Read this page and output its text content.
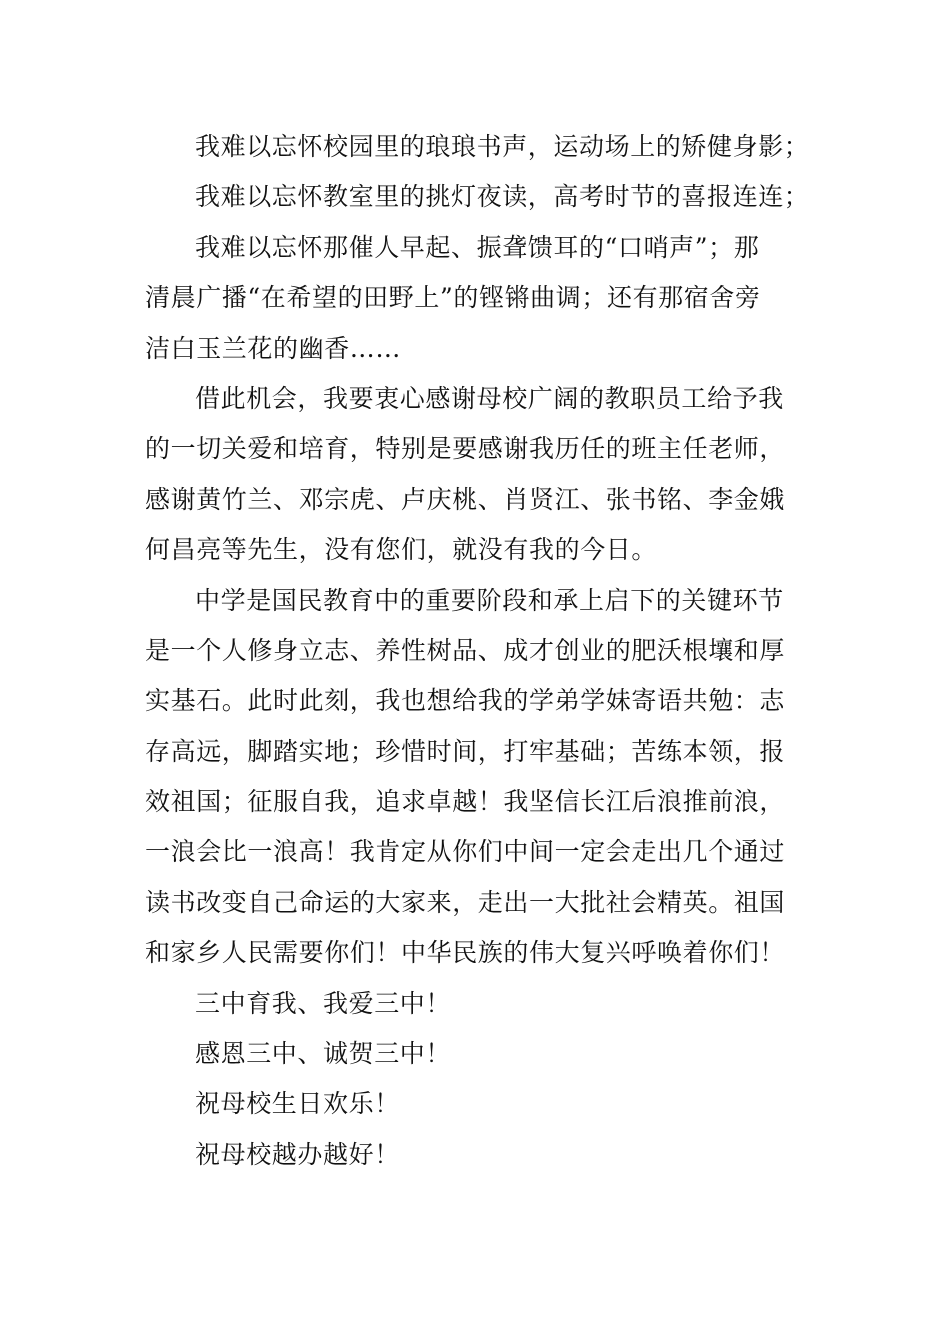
我难以忘怀校园里的琅琅书声，运动场上的矫健身影；
我难以忘怀教室里的挑灯夜读，高考时节的喜报连连；
我难以忘怀那催人早起、振聋馈耳的“口哨声”；那
清晨广播“在希望的田野上”的铿锵曲调；还有那宿舍旁
洁白玉兰花的幽香……
借此机会，我要衷心感谢母校广阔的教职员工给予我
的一切关爱和培育，特别是要感谢我历任的班主任老师，
感谢黄竹兰、邓宗虎、卢庆桃、肖贤江、张书铭、李金娥
何昌亮等先生，没有您们，就没有我的今日。
中学是国民教育中的重要阶段和承上启下的关键环节
是一个人修身立志、养性树品、成才创业的肥沃根壤和厚
实基石。此时此刻，我也想给我的学弟学妹寄语共勉：志
存高远，脚踏实地；珍惜时间，打牢基础；苦练本领，报
效祖国；征服自我，追求卓越！我坚信长江后浪推前浪，
一浪会比一浪高！我肯定从你们中间一定会走出几个通过
读书改变自己命运的大家来，走出一大批社会精英。祖国
和家乡人民需要你们！中华民族的伟大复兴呼唤着你们！
三中育我、我爱三中！
感恩三中、诚贺三中！
祝母校生日欢乐！
祝母校越办越好！
